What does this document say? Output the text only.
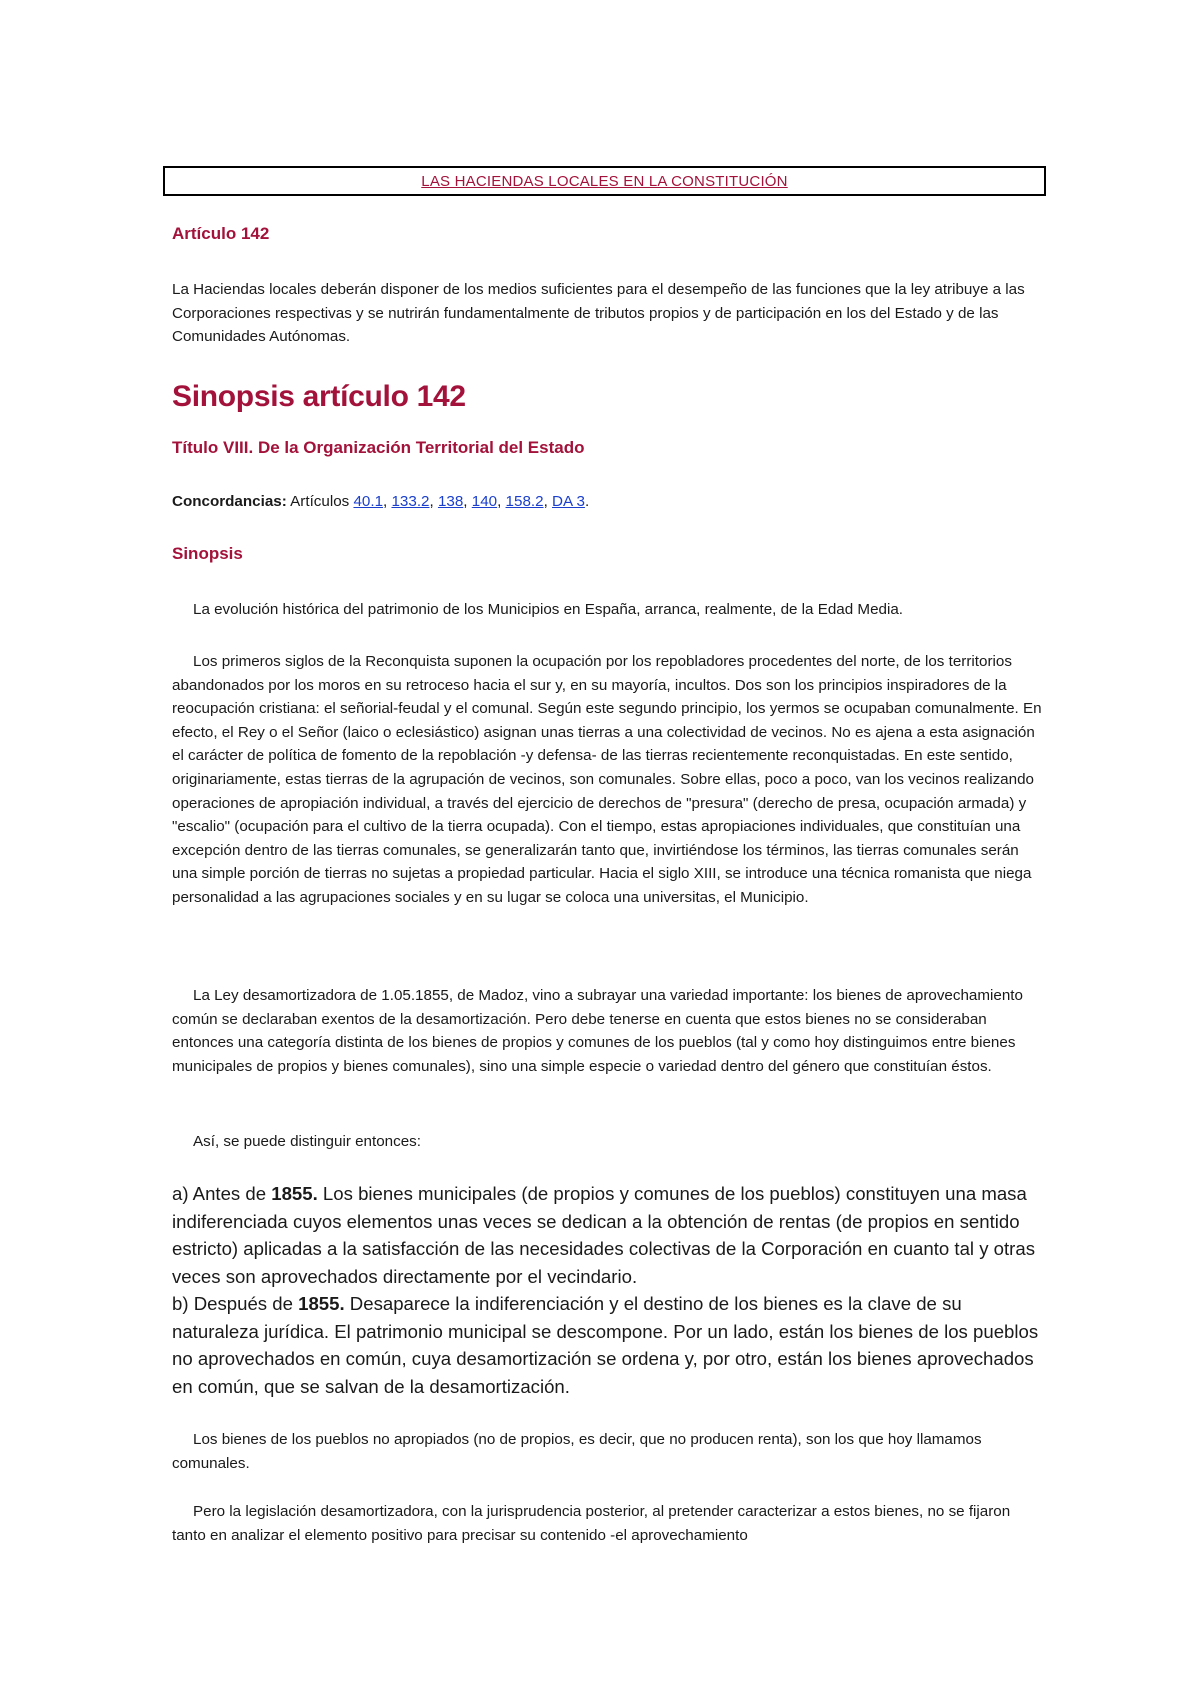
LAS HACIENDAS LOCALES EN LA CONSTITUCIÓN
Artículo 142

La Haciendas locales deberán disponer de los medios suficientes para el desempeño de las funciones que la ley atribuye a las Corporaciones respectivas y se nutrirán fundamentalmente de tributos propios y de participación en los del Estado y de las Comunidades Autónomas.

Sinopsis artículo 142
Título VIII. De la Organización Territorial del Estado

Concordancias: Artículos 40.1, 133.2, 138, 140, 158.2, DA 3.

Sinopsis

La evolución histórica del patrimonio de los Municipios en España, arranca, realmente, de la Edad Media.

Los primeros siglos de la Reconquista suponen la ocupación por los repobladores procedentes del norte, de los territorios abandonados por los moros en su retroceso hacia el sur y, en su mayoría, incultos. Dos son los principios inspiradores de la reocupación cristiana: el señorial-feudal y el comunal. Según este segundo principio, los yermos se ocupaban comunalmente. En efecto, el Rey o el Señor (laico o eclesiástico) asignan unas tierras a una colectividad de vecinos. No es ajena a esta asignación el carácter de política de fomento de la repoblación -y defensa- de las tierras recientemente reconquistadas. En este sentido, originariamente, estas tierras de la agrupación de vecinos, son comunales. Sobre ellas, poco a poco, van los vecinos realizando operaciones de apropiación individual, a través del ejercicio de derechos de "presura" (derecho de presa, ocupación armada) y "escalio" (ocupación para el cultivo de la tierra ocupada). Con el tiempo, estas apropiaciones individuales, que constituían una excepción dentro de las tierras comunales, se generalizarán tanto que, invirtiéndose los términos, las tierras comunales serán una simple porción de tierras no sujetas a propiedad particular. Hacia el siglo XIII, se introduce una técnica romanista que niega personalidad a las agrupaciones sociales y en su lugar se coloca una universitas, el Municipio.

La Ley desamortizadora de 1.05.1855, de Madoz, vino a subrayar una variedad importante: los bienes de aprovechamiento común se declaraban exentos de la desamortización. Pero debe tenerse en cuenta que estos bienes no se consideraban entonces una categoría distinta de los bienes de propios y comunes de los pueblos (tal y como hoy distinguimos entre bienes municipales de propios y bienes comunales), sino una simple especie o variedad dentro del género que constituían éstos.

Así, se puede distinguir entonces:

a) Antes de 1855. Los bienes municipales (de propios y comunes de los pueblos) constituyen una masa indiferenciada cuyos elementos unas veces se dedican a la obtención de rentas (de propios en sentido estricto) aplicadas a la satisfacción de las necesidades colectivas de la Corporación en cuanto tal y otras veces son aprovechados directamente por el vecindario.

b) Después de 1855. Desaparece la indiferenciación y el destino de los bienes es la clave de su naturaleza jurídica. El patrimonio municipal se descompone. Por un lado, están los bienes de los pueblos no aprovechados en común, cuya desamortización se ordena y, por otro, están los bienes aprovechados en común, que se salvan de la desamortización.

Los bienes de los pueblos no apropiados (no de propios, es decir, que no producen renta), son los que hoy llamamos comunales.

Pero la legislación desamortizadora, con la jurisprudencia posterior, al pretender caracterizar a estos bienes, no se fijaron tanto en analizar el elemento positivo para precisar su contenido -el aprovechamiento
